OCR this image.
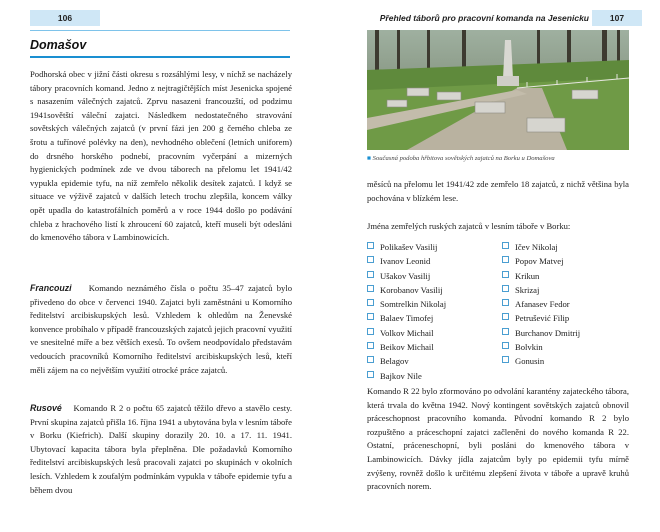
106
Domašov

Podhorská obec v jižní části okresu s rozsáhlými lesy, v níchž se nacházely tábory pracovních komand. Jedno z nejtragičtějších míst Jesenicka spojené s nasazením válečných zajatců. Zprvu nasazeni francouzští, od podzimu 1941sovětští váleční zajatci. Následkem nedostatečného stravování sovětských válečných zajatců (v první fázi jen 200 g černého chleba ze šrotu a tuřínové polévky na den), nevhodného oblečení (letních uniforem) do drsného horského podnebí, pracovním vyčerpání a mizerných hygienických podmínek zde ve dvou táborech na přelomu let 1941/42 vypukla epidemie tyfu, na níž zemřelo několik desítek zajatců. I když se situace ve výživě zajatců v dalších letech trochu zlepšila, koncem války opět upadla do katastrofálních poměrů a v roce 1944 došlo po podávání chleba z hrachového listí k zhroucení 60 zajatců, kteří museli být odesláni do kmenového tábora v Lambinowicích.

Francouzi Komando neznámého čísla o počtu 35–47 zajatců bylo přivedeno do obce v červenci 1940. Zajatci byli zaměstnáni u Komorního ředitelství arcibiskupských lesů. Vzhledem k ohledům na Ženevské konvence probíhalo v případě francouzských zajatců jejich pracovní využití ve snesitelné míře a bez větších exesů. To ovšem neodpovídalo představám vedoucích pracovníků Komorního ředitelství arcibiskupských lesů, kteří měli zájem na co největším využití otrocké práce zajatců.

Rusové Komando R 2 o počtu 65 zajatců těžilo dřevo a stavělo cesty. První skupina zajatců přišla 16. října 1941 a ubytována byla v lesním táboře v Borku (Kiefrich). Další skupiny dorazily 20. 10. a 17. 11. 1941. Ubytovací kapacita tábora byla přeplněna. Dle požadavků Komorního ředitelství arcibiskupských lesů pracovali zajatci po skupinách v okolních lesích. Vzhledem k zoufalým podmínkám vypukla v táboře epidemie tyfu a během dvou

Přehled táborů pro pracovní komanda na Jesenicku	107
■ Současná podoba hřbitova sovětských zajatců na Borku u Domašova

měsíců na přelomu let 1941/42 zde zemřelo 18 zajatců, z nichž většina byla pochována v blízkém lese.

Jména zemřelých ruských zajatců v lesním táboře v Borku:

Polikašev Vasilij
Ivanov Leonid
Ušakov Vasilij
Korobanov Vasilij
Somtrelkin Nikolaj
Balaev Timofej
Volkov Michail
Beikov Michail
Belagov
Bajkov Nile
Ičev Nikolaj
Popov Matvej
Krikun
Skrizaj
Afanasev Fedor
Petrušević Filip
Burchanov Dmitrij
Bolvkin
Gonusin

Komando R 22 bylo zformováno po odvolání karantény zajateckého tábora, která trvala do května 1942. Nový kontingent sovětských zajatců obnovil práceschopnost pracovního komanda. Původní komando R 2 bylo rozpuštěno a práceschopní zajatci začleněni do nového komanda R 22. Ostatní, práceneschopní, byli posláni do kmenového tábora v Lambinowicích. Dávky jídla zajatcům byly po epidemii tyfu mírně zvýšeny, rovněž došlo k určitému zlepšení života v táboře a upravě kruhů pracovních norem.
